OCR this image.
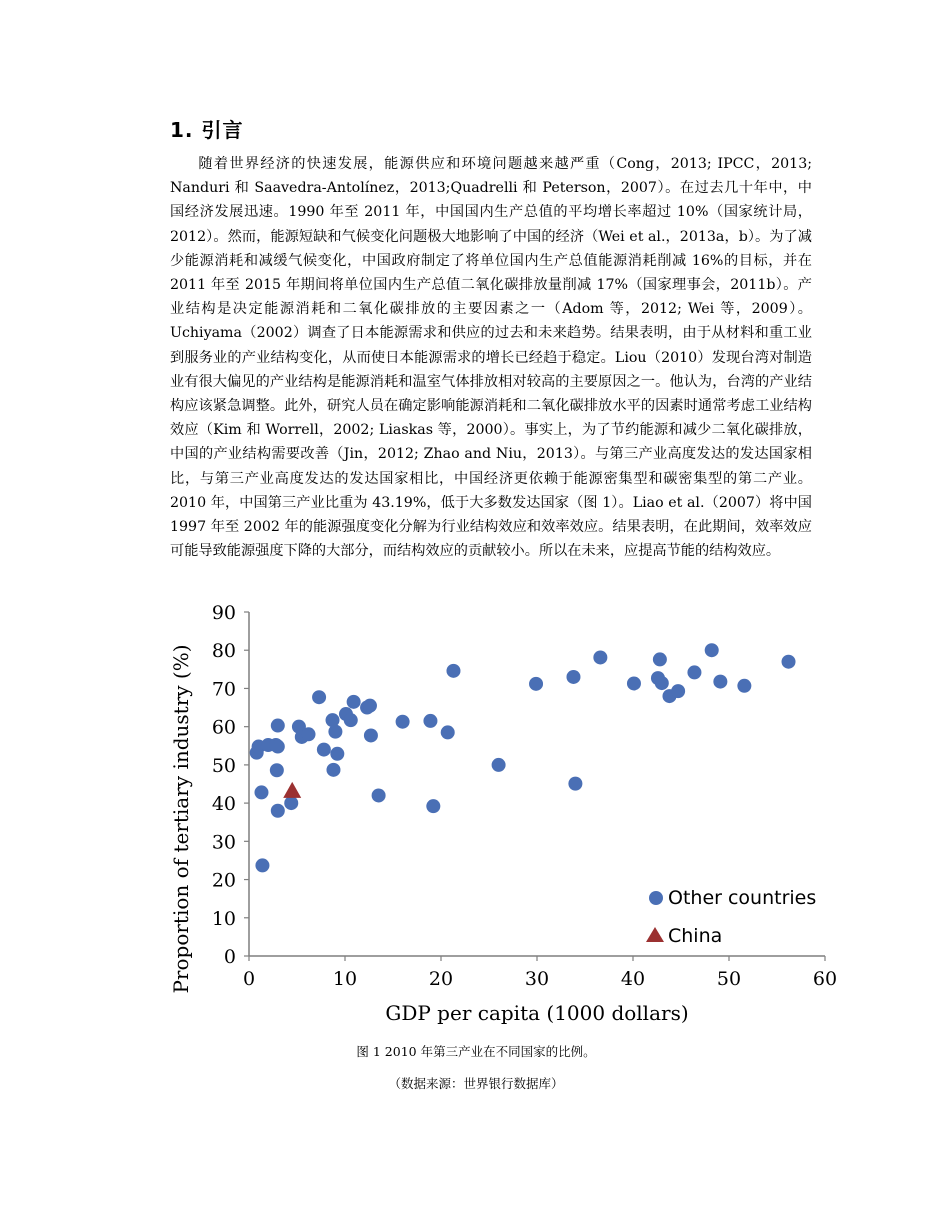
1. 引言

随着世界经济的快速发展，能源供应和环境问题越来越严重（Cong，2013; IPCC，2013; Nanduri 和 Saavedra-Antolínez，2013;Quadrelli 和 Peterson，2007）。在过去几十年中，中国经济发展迅速。1990 年至 2011 年，中国国内生产总值的平均增长率超过 10%（国家统计局，2012）。然而，能源短缺和气候变化问题极大地影响了中国的经济（Wei et al.，2013a，b）。为了减少能源消耗和减缓气候变化，中国政府制定了将单位国内生产总值能源消耗削减 16%的目标，并在 2011 年至 2015 年期间将单位国内生产总值二氧化碳排放量削减 17%（国家理事会，2011b）。产业结构是决定能源消耗和二氧化碳排放的主要因素之一（Adom 等，2012; Wei 等，2009）。Uchiyama（2002）调查了日本能源需求和供应的过去和未来趋势。结果表明，由于从材料和重工业到服务业的产业结构变化，从而使日本能源需求的增长已经趋于稳定。Liou（2010）发现台湾对制造业有很大偏见的产业结构是能源消耗和温室气体排放相对较高的主要原因之一。他认为，台湾的产业结构应该紧急调整。此外，研究人员在确定影响能源消耗和二氧化碳排放水平的因素时通常考虑工业结构效应（Kim 和 Worrell，2002; Liaskas 等，2000）。事实上，为了节约能源和减少二氧化碳排放，中国的产业结构需要改善（Jin，2012; Zhao and Niu，2013）。与第三产业高度发达的发达国家相比，与第三产业高度发达的发达国家相比，中国经济更依赖于能源密集型和碳密集型的第二产业。2010 年，中国第三产业比重为 43.19%，低于大多数发达国家（图 1）。Liao et al.（2007）将中国 1997 年至 2002 年的能源强度变化分解为行业结构效应和效率效应。结果表明，在此期间，效率效应可能导致能源强度下降的大部分，而结构效应的贡献较小。所以在未来，应提高节能的结构效应。

0	10	20	30	40	50	60
0
10
20
30
40
50
60
70
80
90
GDP per capita (1000 dollars)
Proportion of tertiary industry (%)	Other countries
China
图 1 2010 年第三产业在不同国家的比例。
（数据来源：世界银行数据库）
